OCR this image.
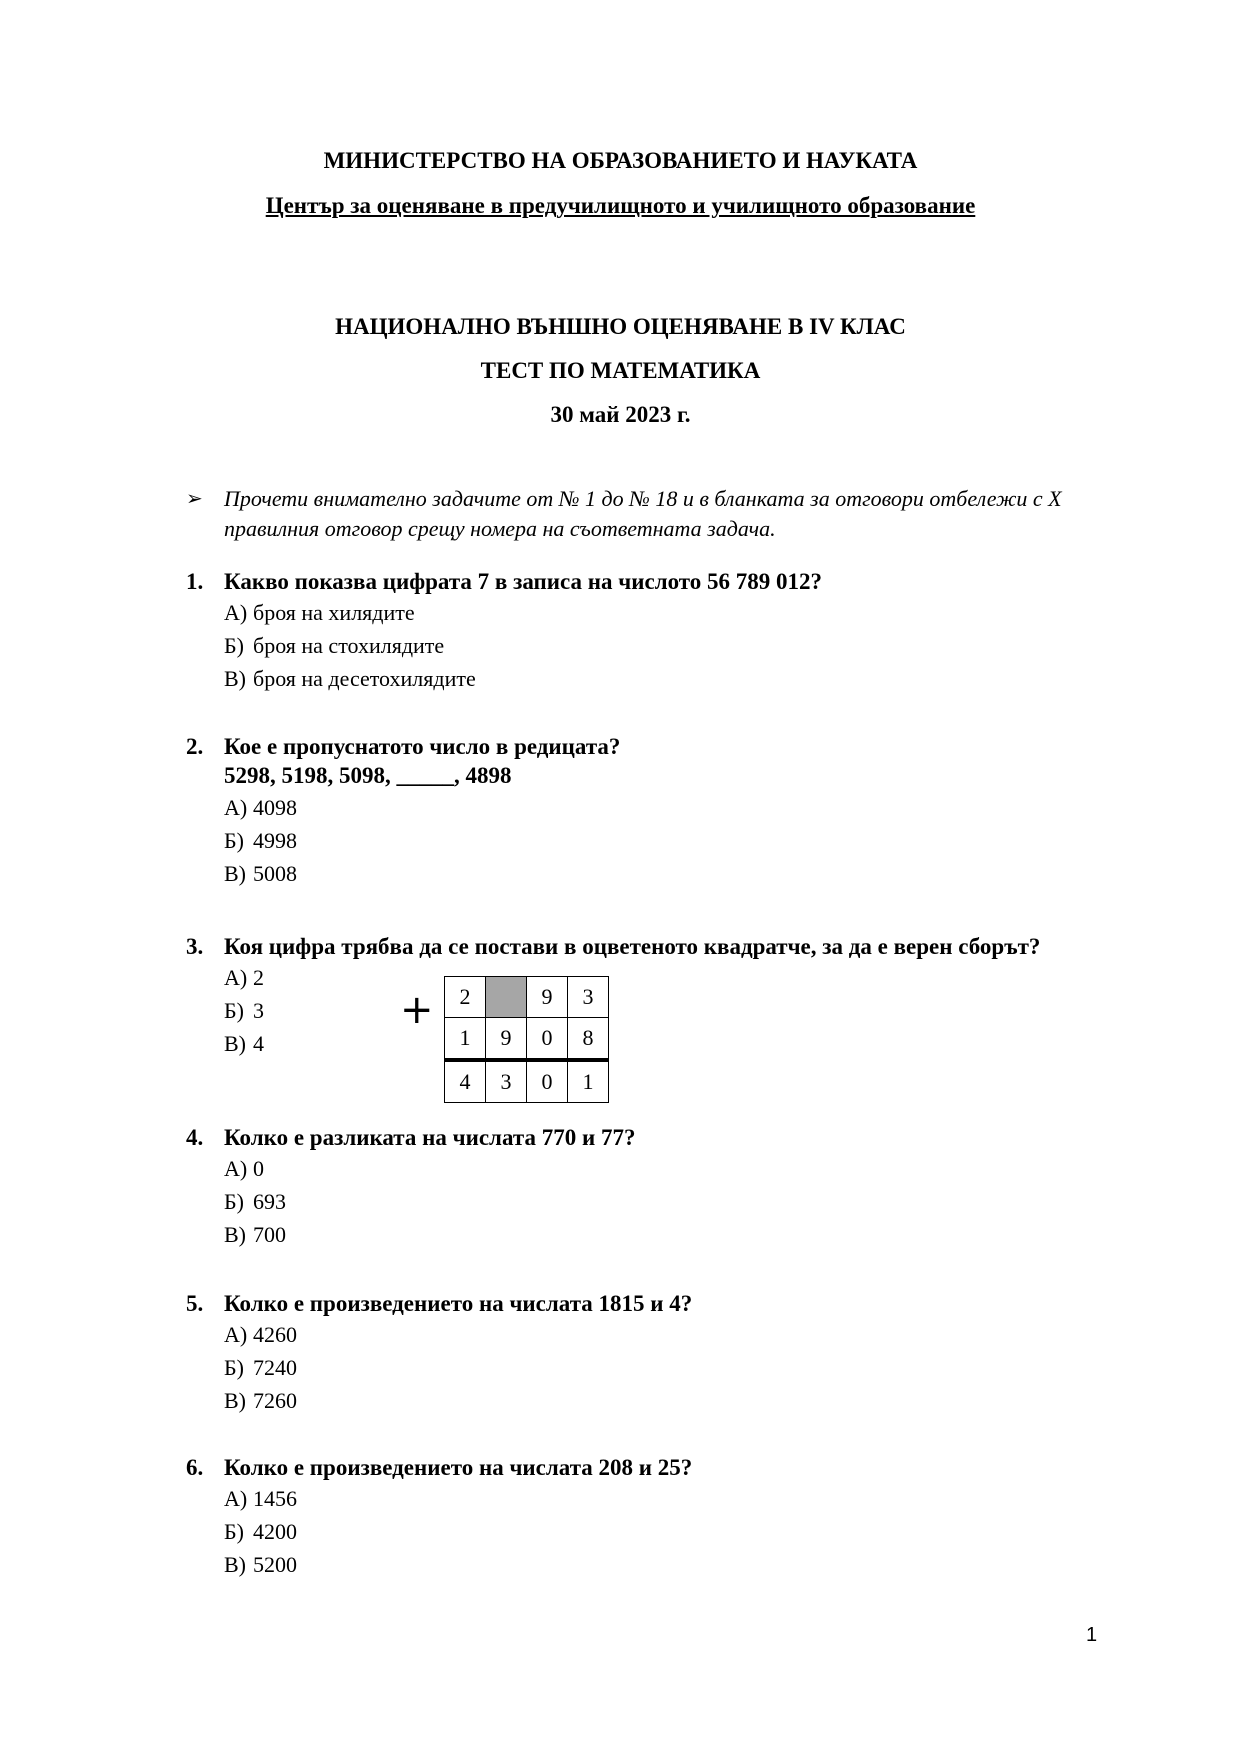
МИНИСТЕРСТВО НА ОБРАЗОВАНИЕТО И НАУКАТА
Център за оценяване в предучилищното и училищното образование
НАЦИОНАЛНО ВЪНШНО ОЦЕНЯВАНЕ В IV КЛАС
ТЕСТ ПО МАТЕМАТИКА
30 май 2023 г.
➢ Прочети внимателно задачите от № 1 до № 18 и в бланката за отговори отбележи с Х правилния отговор срещу номера на съответната задача.
1. Какво показва цифрата 7 в записа на числото 56 789 012?
А) броя на хилядите
Б) броя на стохилядите
В) броя на десетохилядите
2. Кое е пропуснатото число в редицата?
5298, 5198, 5098, _____, 4898
А) 4098
Б) 4998
В) 5008
3. Коя цифра трябва да се постави в оцветеното квадратче, за да е верен сборът?
А) 2
Б) 3
В) 4
+ 2		9	3
1	9	0	8
4	3	0	1
4. Колко е разликата на числата 770 и 77?
А) 0
Б) 693
В) 700
5. Колко е произведението на числата 1815 и 4?
А) 4260
Б) 7240
В) 7260
6. Колко е произведението на числата 208 и 25?
А) 1456
Б) 4200
В) 5200
1
